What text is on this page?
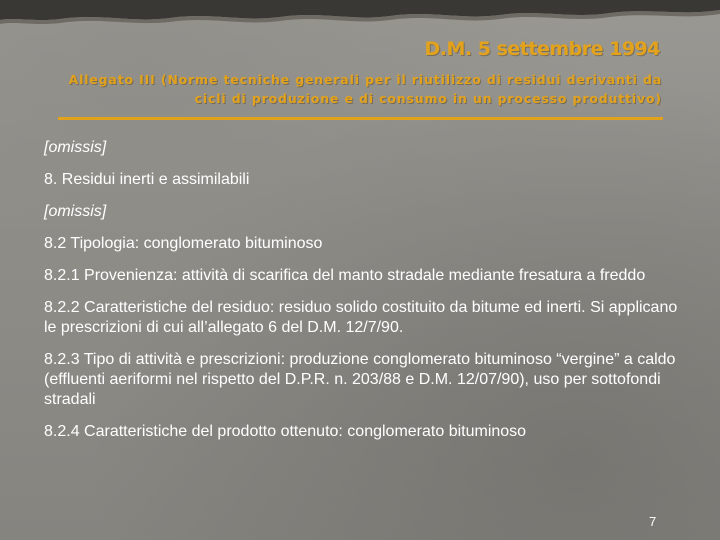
D.M. 5 settembre 1994
Allegato III (Norme tecniche generali per il riutilizzo di residui derivanti da cicli di produzione e di consumo in un processo produttivo)

[omissis]

8. Residui inerti e assimilabili

[omissis]

8.2 Tipologia: conglomerato bituminoso

8.2.1 Provenienza: attività di scarifica del manto stradale mediante fresatura a freddo

8.2.2 Caratteristiche del residuo: residuo solido costituito da bitume ed inerti. Si applicano le prescrizioni di cui all’allegato 6 del D.M. 12/7/90.

8.2.3 Tipo di attività e prescrizioni: produzione conglomerato bituminoso “vergine” a caldo (effluenti aeriformi nel rispetto del D.P.R. n. 203/88 e D.M. 12/07/90), uso per sottofondi stradali

8.2.4 Caratteristiche del prodotto ottenuto: conglomerato bituminoso

7
